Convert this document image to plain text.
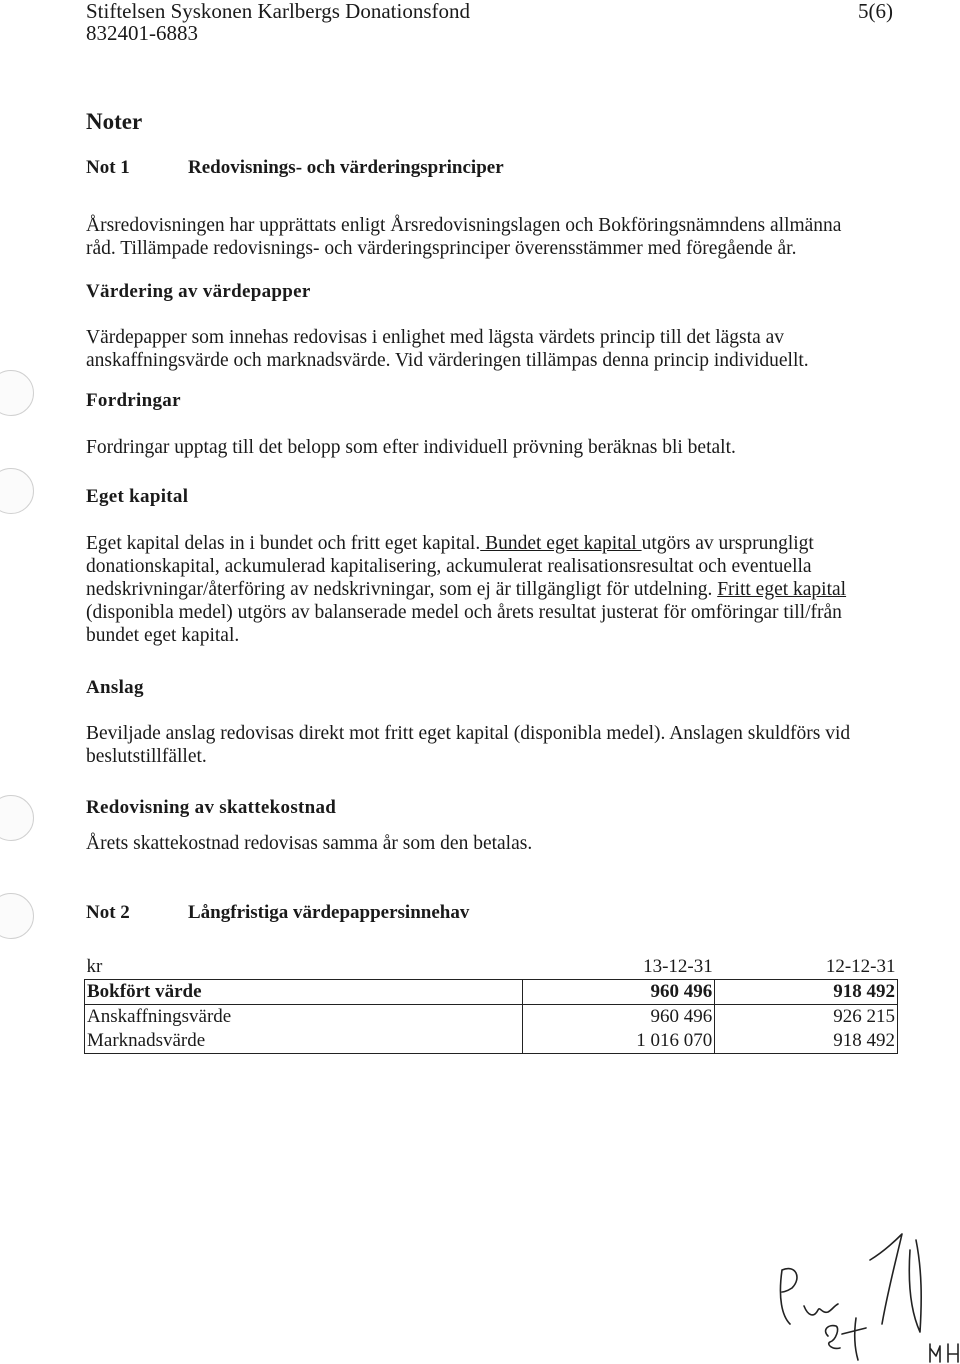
Stiftelsen Syskonen Karlbergs Donationsfond
832401-6883
5(6)
Noter
Not 1	Redovisnings- och värderingsprinciper
Årsredovisningen har upprättats enligt Årsredovisningslagen och Bokföringsnämndens allmänna
råd. Tillämpade redovisnings- och värderingsprinciper överensstämmer med föregående år.
Värdering av värdepapper
Värdepapper som innehas redovisas i enlighet med lägsta värdets princip till det lägsta av
anskaffningsvärde och marknadsvärde. Vid värderingen tillämpas denna princip individuellt.
Fordringar
Fordringar upptag till det belopp som efter individuell prövning beräknas bli betalt.
Eget kapital
Eget kapital delas in i bundet och fritt eget kapital. Bundet eget kapital utgörs av ursprungligt
donationskapital, ackumulerad kapitalisering, ackumulerat realisationsresultat och eventuella
nedskrivningar/återföring av nedskrivningar, som ej är tillgängligt för utdelning. Fritt eget kapital
(disponibla medel) utgörs av balanserade medel och årets resultat justerat för omföringar till/från
bundet eget kapital.
Anslag
Beviljade anslag redovisas direkt mot fritt eget kapital (disponibla medel). Anslagen skuldförs vid
beslutstillfället.
Redovisning av skattekostnad
Årets skattekostnad redovisas samma år som den betalas.
Not 2	Långfristiga värdepappersinnehav
kr	13-12-31	12-12-31
Bokfört värde	960 496	918 492
Anskaffningsvärde	960 496	926 215
Marknadsvärde	1 016 070	918 492
